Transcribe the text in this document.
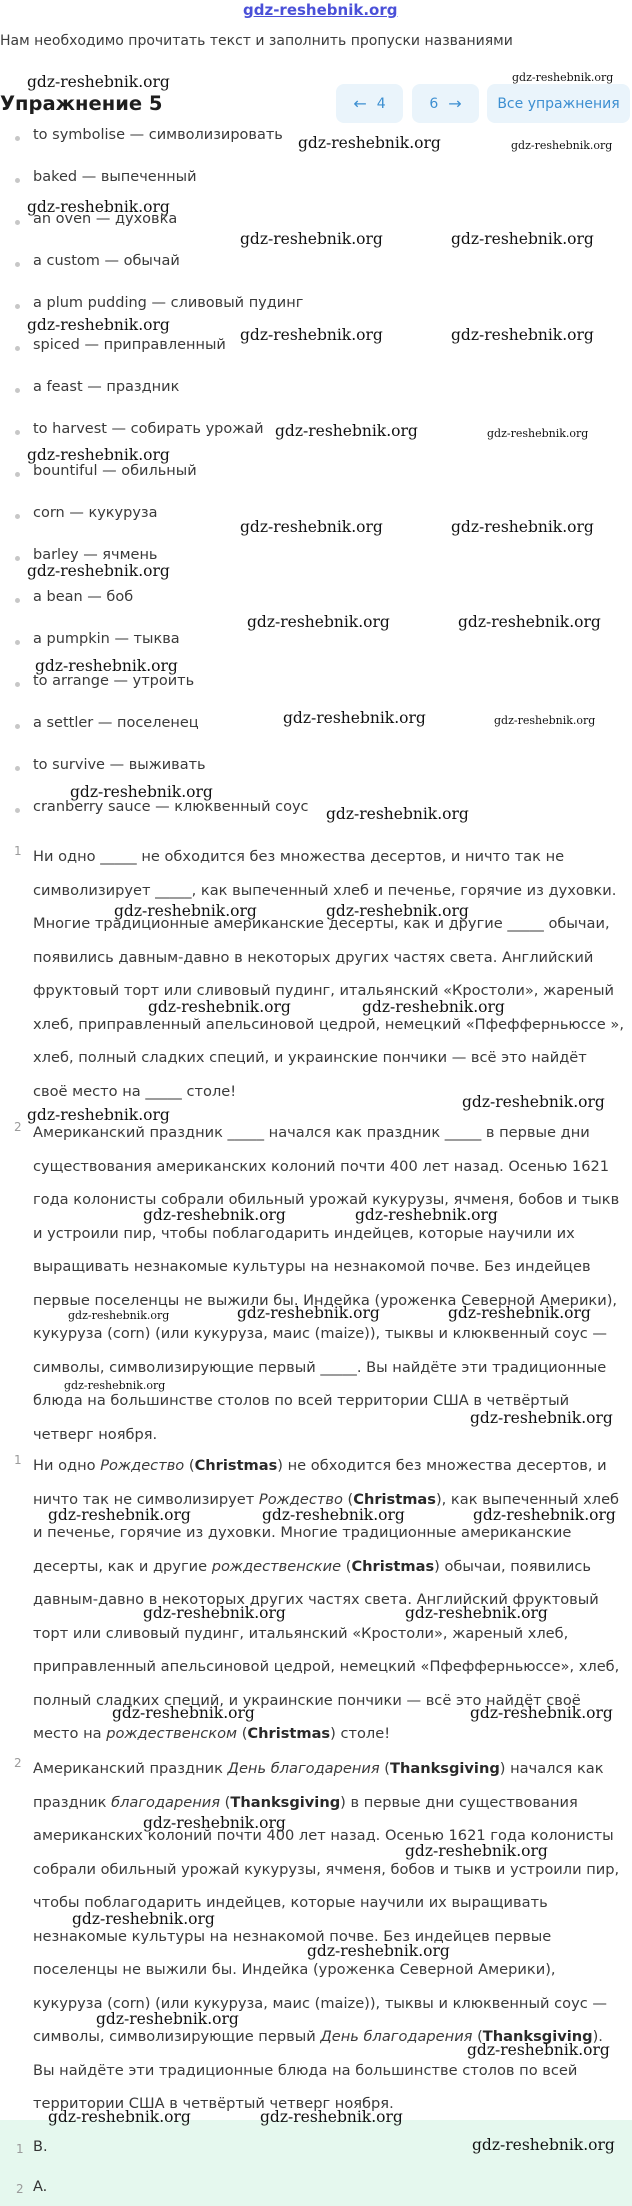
gdz-reshebnik.org
Нам необходимо прочитать текст и заполнить пропуски названиями
Упражнение 5	← 4	6 →	Все упражнения
to symbolise — символизировать
baked — выпеченный
an oven — духовка
a custom — обычай
a plum pudding — сливовый пудинг
spiced — приправленный
a feast — праздник
to harvest — собирать урожай
bountiful — обильный
corn — кукуруза
barley — ячмень
a bean — боб
a pumpkin — тыква
to arrange — утроить
a settler — поселенец
to survive — выживать
cranberry sauce — клюквенный соус
1 Ни одно _____ не обходится без множества десертов, и ничто так не символизирует _____, как выпеченный хлеб и печенье, горячие из духовки. Многие традиционные американские десерты, как и другие _____ обычаи, появились давным-давно в некоторых других частях света. Английский фруктовый торт или сливовый пудинг, итальянский «Кростоли», жареный хлеб, приправленный апельсиновой цедрой, немецкий «Пфефферньюссе », хлеб, полный сладких специй, и украинские пончики — всё это найдёт своё место на _____ столе!
2 Американский праздник _____ начался как праздник _____ в первые дни существования американских колоний почти 400 лет назад. Осенью 1621 года колонисты собрали обильный урожай кукурузы, ячменя, бобов и тыкв и устроили пир, чтобы поблагодарить индейцев, которые научили их выращивать незнакомые культуры на незнакомой почве. Без индейцев первые поселенцы не выжили бы. Индейка (уроженка Северной Америки), кукуруза (corn) (или кукуруза, маис (maize)), тыквы и клюквенный соус — символы, символизирующие первый _____. Вы найдёте эти традиционные блюда на большинстве столов по всей территории США в четвёртый четверг ноября.
1 Ни одно Рождество (Christmas) не обходится без множества десертов, и ничто так не символизирует Рождество (Christmas), как выпеченный хлеб и печенье, горячие из духовки. Многие традиционные американские десерты, как и другие рождественские (Christmas) обычаи, появились давным-давно в некоторых других частях света. Английский фруктовый торт или сливовый пудинг, итальянский «Кростоли», жареный хлеб, приправленный апельсиновой цедрой, немецкий «Пфефферньюссе», хлеб, полный сладких специй, и украинские пончики — всё это найдёт своё место на рождественском (Christmas) столе!
2 Американский праздник День благодарения (Thanksgiving) начался как праздник благодарения (Thanksgiving) в первые дни существования американских колоний почти 400 лет назад. Осенью 1621 года колонисты собрали обильный урожай кукурузы, ячменя, бобов и тыкв и устроили пир, чтобы поблагодарить индейцев, которые научили их выращивать незнакомые культуры на незнакомой почве. Без индейцев первые поселенцы не выжили бы. Индейка (уроженка Северной Америки), кукуруза (corn) (или кукуруза, маис (maize)), тыквы и клюквенный соус — символы, символизирующие первый День благодарения (Thanksgiving). Вы найдёте эти традиционные блюда на большинстве столов по всей территории США в четвёртый четверг ноября.
1 B.
2 A.
gdz-reshebnik.org	gdz-reshebnik.org
gdz-reshebnik.org	gdz-reshebnik.org
gdz-reshebnik.org
gdz-reshebnik.org	gdz-reshebnik.org
gdz-reshebnik.org
gdz-reshebnik.org	gdz-reshebnik.org
gdz-reshebnik.org	gdz-reshebnik.org
gdz-reshebnik.org
gdz-reshebnik.org	gdz-reshebnik.org
gdz-reshebnik.org
gdz-reshebnik.org	gdz-reshebnik.org
gdz-reshebnik.org
gdz-reshebnik.org	gdz-reshebnik.org
gdz-reshebnik.org
gdz-reshebnik.org
gdz-reshebnik.org	gdz-reshebnik.org
gdz-reshebnik.org	gdz-reshebnik.org
gdz-reshebnik.org
gdz-reshebnik.org
gdz-reshebnik.org	gdz-reshebnik.org
gdz-reshebnik.org	gdz-reshebnik.org	gdz-reshebnik.org
gdz-reshebnik.org
gdz-reshebnik.org
gdz-reshebnik.org	gdz-reshebnik.org	gdz-reshebnik.org
gdz-reshebnik.org	gdz-reshebnik.org
gdz-reshebnik.org	gdz-reshebnik.org
gdz-reshebnik.org
gdz-reshebnik.org
gdz-reshebnik.org
gdz-reshebnik.org
gdz-reshebnik.org
gdz-reshebnik.org
gdz-reshebnik.org	gdz-reshebnik.org
gdz-reshebnik.org
